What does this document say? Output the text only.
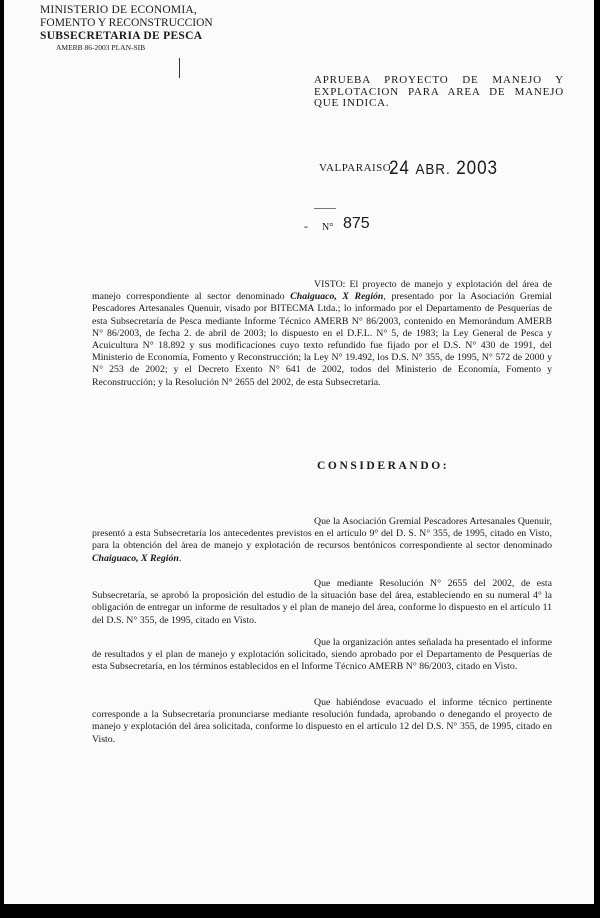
MINISTERIO DE ECONOMIA,
FOMENTO Y RECONSTRUCCION
SUBSECRETARIA DE PESCA
AMERB 86-2003 PLAN-SIB
APRUEBA PROYECTO DE MANEJO Y EXPLOTACION PARA AREA DE MANEJO QUE INDICA.
VALPARAISO,
24 ABR. 2003
- N° 875

VISTO: El proyecto de manejo y explotación del área de manejo correspondiente al sector denominado Chaiguaco, X Región, presentado por la Asociación Gremial Pescadores Artesanales Quenuir, visado por BITECMA Ltda.; lo informado por el Departamento de Pesquerías de esta Subsecretaría de Pesca mediante Informe Técnico AMERB N° 86/2003, contenido en Memorándum AMERB N° 86/2003, de fecha 2. de abril de 2003; lo dispuesto en el D.F.L. N° 5, de 1983; la Ley General de Pesca y Acuicultura N° 18.892 y sus modificaciones cuyo texto refundido fue fijado por el D.S. N° 430 de 1991, del Ministerio de Economía, Fomento y Reconstrucción; la Ley N° 19.492, los D.S. N° 355, de 1995, N° 572 de 2000 y N° 253 de 2002; y el Decreto Exento N° 641 de 2002, todos del Ministerio de Economía, Fomento y Reconstrucción; y la Resolución N° 2655 del 2002, de esta Subsecretaría.

CONSIDERANDO:

Que la Asociación Gremial Pescadores Artesanales Quenuir, presentó a esta Subsecretaría los antecedentes previstos en el artículo 9° del D. S. N° 355, de 1995, citado en Visto, para la obtención del área de manejo y explotación de recursos bentónicos correspondiente al sector denominado Chaiguaco, X Región.

Que mediante Resolución N° 2655 del 2002, de esta Subsecretaría, se aprobó la proposición del estudio de la situación base del área, estableciendo en su numeral 4° la obligación de entregar un informe de resultados y el plan de manejo del área, conforme lo dispuesto en el artículo 11 del D.S. N° 355, de 1995, citado en Visto.

Que la organización antes señalada ha presentado el informe de resultados y el plan de manejo y explotación solicitado, siendo aprobado por el Departamento de Pesquerías de esta Subsecretaría, en los términos establecidos en el Informe Técnico AMERB N° 86/2003, citado en Visto.

Que habiéndose evacuado el informe técnico pertinente corresponde a la Subsecretaría pronunciarse mediante resolución fundada, aprobando o denegando el proyecto de manejo y explotación del área solicitada, conforme lo dispuesto en el artículo 12 del D.S. N° 355, de 1995, citado en Visto.
